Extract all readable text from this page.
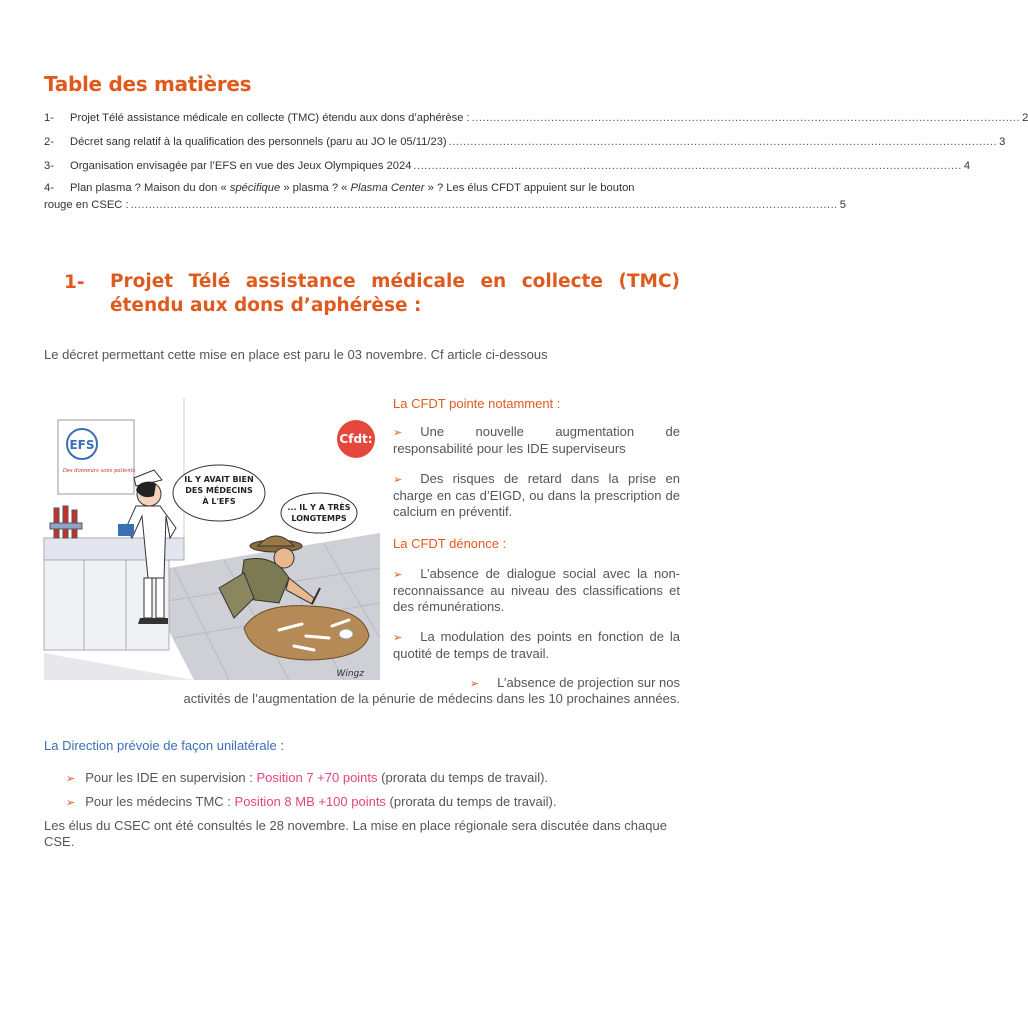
Table des matières
1-	Projet Télé assistance médicale en collecte (TMC) étendu aux dons d’aphérèse : ........................................................................................................................................................ 2
2-	Décret sang relatif à la qualification des personnels (paru au JO le 05/11/23) ........................................................................................................................................................ 3
3-	Organisation envisagée par l’EFS en vue des Jeux Olympiques 2024 ........................................................................................................................................................ 4
4-	Plan plasma ? Maison du don « spécifique » plasma ? « Plasma Center » ? Les élus CFDT appuient sur le bouton
rouge en CSEC : .................................................................................................................................................................................................... 5
1- Projet Télé assistance médicale en collecte (TMC)
étendu aux dons d’aphérèse :
Le décret permettant cette mise en place est paru le 03 novembre. Cf article ci-dessous
EFS
Des donneurs sans patients
IL Y AVAIT BIEN
DES MÉDECINS
À L'EFS
... IL Y A TRÈS
LONGTEMPS
Wingz
Cfdt:
La CFDT pointe notamment :
➢ Une nouvelle augmentation de responsabilité pour les IDE superviseurs
➢ Des risques de retard dans la prise en charge en cas d’EIGD, ou dans la prescription de calcium en préventif.
La CFDT dénonce :
➢ L’absence de dialogue social avec la non-reconnaissance au niveau des classifications et des rémunérations.
➢ La modulation des points en fonction de la quotité de temps de travail.
➢ L’absence de projection sur nos
activités de l’augmentation de la pénurie de médecins dans les 10 prochaines années.
La Direction prévoie de façon unilatérale :
➢ Pour les IDE en supervision : Position 7 +70 points (prorata du temps de travail).
➢ Pour les médecins TMC : Position 8 MB +100 points (prorata du temps de travail).
Les élus du CSEC ont été consultés le 28 novembre. La mise en place régionale sera discutée dans chaque CSE.
